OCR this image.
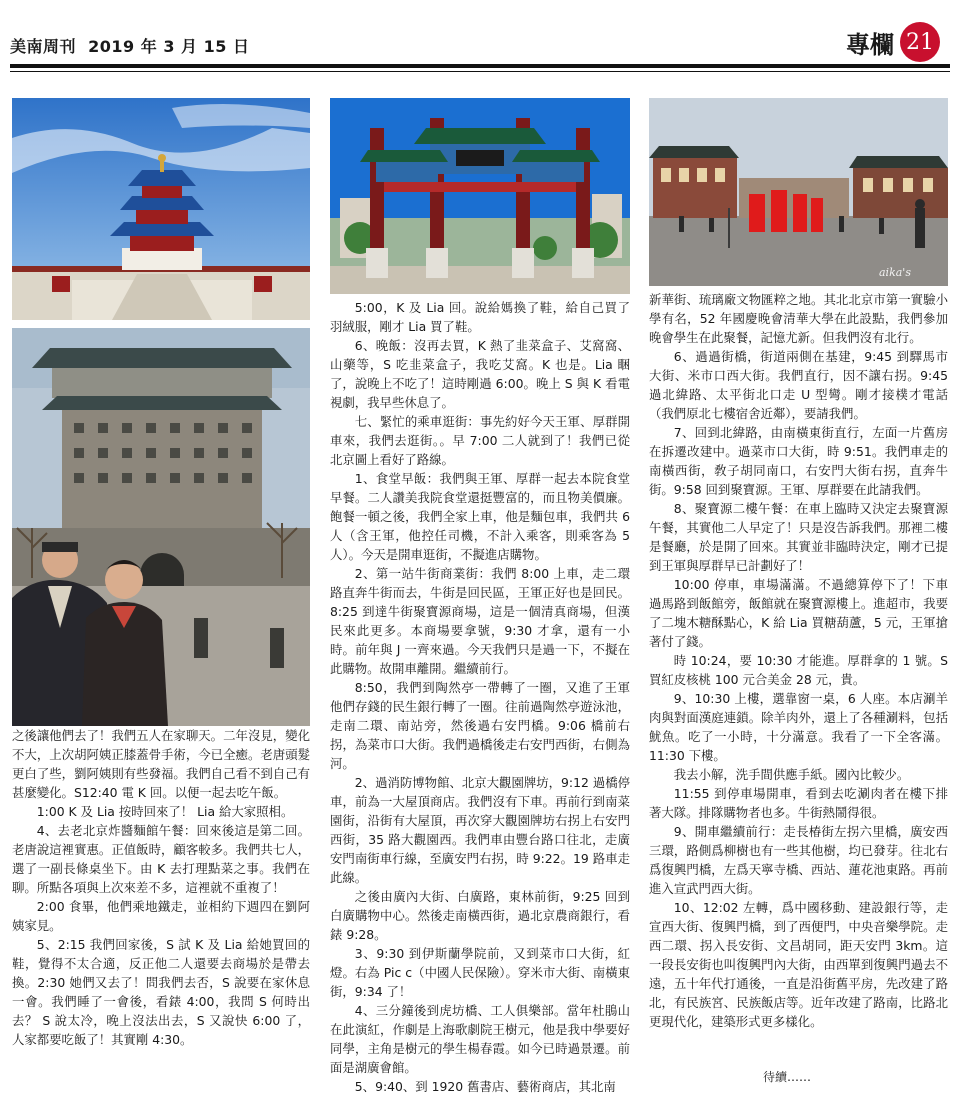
美南周刊 2019 年 3 月 15 日	專欄 21
aika's

之後讓他們去了！我們五人在家聊天。二年沒見，變化不大，上次胡阿姨正膝蓋骨手術，今已全癒。老唐頭髮更白了些，劉阿姨則有些發福。我們自己看不到自己有甚麼變化。S12:40 電 K 回。以便一起去吃午飯。

1:00 K 及 Lia 按時回來了！ Lia 給大家照相。

4、去老北京炸醬麵館午餐：回來後這是第二回。老唐說這裡實惠。正值飯時，顧客較多。我們共七人，選了一副長條桌坐下。由 K 去打理點菜之事。我們在聊。所點各項與上次來差不多，這裡就不重複了！

2:00 食畢，他們乘地鐵走，並相約下週四在劉阿姨家見。

5、2:15 我們回家後，S 試 K 及 Lia 給她買回的鞋，覺得不太合適，反正他二人還要去商場於是帶去換。2:30 她們又去了！問我們去否，S 說要在家休息一會。我們睡了一會後，看錶 4:00，我問 S 何時出去？ S 說太冷，晚上沒法出去，S 又說快 6:00 了，人家都要吃飯了！其實剛 4:30。

5:00，K 及 Lia 回。說給媽換了鞋，給自己買了羽絨服，剛才 Lia 買了鞋。

6、晚飯：沒再去買，K 熱了韭菜盒子、艾窩窩、山藥等，S 吃韭菜盒子，我吃艾窩。K 也是。Lia 睏了，說晚上不吃了！這時剛過 6:00。晚上 S 與 K 看電視劇，我早些休息了。

七、緊忙的乘車逛街：事先約好今天王軍、厚群開車來，我們去逛街。。早 7:00 二人就到了！我們已從北京圖上看好了路線。

1、食堂早飯：我們與王軍、厚群一起去本院食堂早餐。二人讚美我院食堂還挺豐富的，而且物美價廉。飽餐一頓之後，我們全家上車，他是麵包車，我們共 6 人（含王軍，他控任司機，不計入乘客，則乘客為 5 人）。今天是開車逛街，不擬進店購物。

2、第一站牛街商業街：我們 8:00 上車，走二環路直奔牛街而去，牛街是回民區，王軍正好也是回民。8:25 到達牛街聚寶源商場，這是一個清真商場，但漢民來此更多。本商場要拿號，9:30 才拿，還有一小時。前年與 J 一齊來過。今天我們只是過一下，不擬在此購物。故開車離開。繼續前行。

8:50，我們到陶然亭一帶轉了一圈，又進了王軍他們存錢的民生銀行轉了一圈。往前過陶然亭遊泳池，走南二環、南站旁，然後過右安門橋。9:06 橋前右拐，為菜市口大街。我們過橋後走右安門西街，右側為河。

2、過消防博物館、北京大觀園牌坊，9:12 過橋停車，前為一大屋頂商店。我們沒有下車。再前行到南菜園街，沿街有大屋頂，再次穿大觀園牌坊右拐上右安門西街，35 路大觀園西。我們車由豐台路口往北，走廣安門南街車行線，至廣安門右拐，時 9:22。19 路車走此線。

之後由廣內大街、白廣路，東林前街，9:25 回到白廣購物中心。然後走南橫西街，過北京農商銀行，看錶 9:28。

3、9:30 到伊斯蘭學院前，又到菜市口大街，紅燈。右為 Pic c（中國人民保險）。穿米市大街、南橫東街，9:34 了！

4、三分鐘後到虎坊橋、工人俱樂部。當年杜鵑山在此演紅，作劇是上海歌劇院王樹元，他是我中學要好同學，主角是樹元的學生楊春霞。如今已時過景遷。前面是湖廣會館。

5、9:40、到 1920 舊書店、藝術商店，其北南

新華街、琉璃廠文物匯粹之地。其北北京市第一實驗小學有名，52 年國慶晚會清華大學在此設點，我們參加晚會學生在此聚餐，記憶尤新。但我們沒有北行。

6、過過街橋，街道兩側在基建，9:45 到驛馬市大街、米市口西大街。我們直行，因不讓右拐。9:45 過北緯路、太平街北口走 U 型彎。剛才接樸才電話（我們原北七樓宿舍近鄰），要請我們。

7、回到北緯路，由南橫東街直行，左面一片舊房在拆遷改建中。過菜市口大街，時 9:51。我們車走的南橫西街，敎子胡同南口，右安門大街右拐，直奔牛街。9:58 回到聚寶源。王軍、厚群要在此請我們。

8、聚寶源二樓午餐：在車上臨時又決定去聚寶源午餐，其實他二人早定了！只是沒告訴我們。那裡二樓是餐廳，於是開了回來。其實並非臨時決定，剛才已提到王軍與厚群早已計劃好了！

10:00 停車，車場滿滿。不過總算停下了！下車過馬路到飯館旁，飯館就在聚寶源樓上。進超市，我要了二塊木糖酥點心，K 給 Lia 買糖葫蘆，5 元，王軍搶著付了錢。

時 10:24，要 10:30 才能進。厚群拿的 1 號。S 買紅皮核桃 100 元合美金 28 元，貴。

9、10:30 上樓，選靠窗一桌，6 人座。本店涮羊肉與對面漢庭連鎖。除羊肉外，還上了各種涮料，包括魷魚。吃了一小時，十分滿意。我看了一下全客滿。11:30 下樓。

我去小解，洗手間供應手紙。國內比較少。

11:55 到停車場開車，看到去吃涮肉者在樓下排著大隊。排隊購物者也多。牛街熱鬧得很。

9、開車繼續前行：走長椿街左拐六里橋，廣安西三環，路側爲柳樹也有一些其他樹，均已發芽。往北右爲復興門橋，左爲天寧寺橋、西站、蓮花池東路。再前進入宣武門西大街。

10、12:02 左轉，爲中國移動、建設銀行等，走宣西大街、復興門橋，到了西便門，中央音樂學院。走西二環、拐入長安街、文昌胡同，距天安門 3km。這一段長安街也叫復興門內大街，由西單到復興門過去不遠，五十年代打通後，一直是沿街舊平房，先改建了路北，有民族宮、民族飯店等。近年改建了路南，比路北更現代化，建築形式更多樣化。

待續……
